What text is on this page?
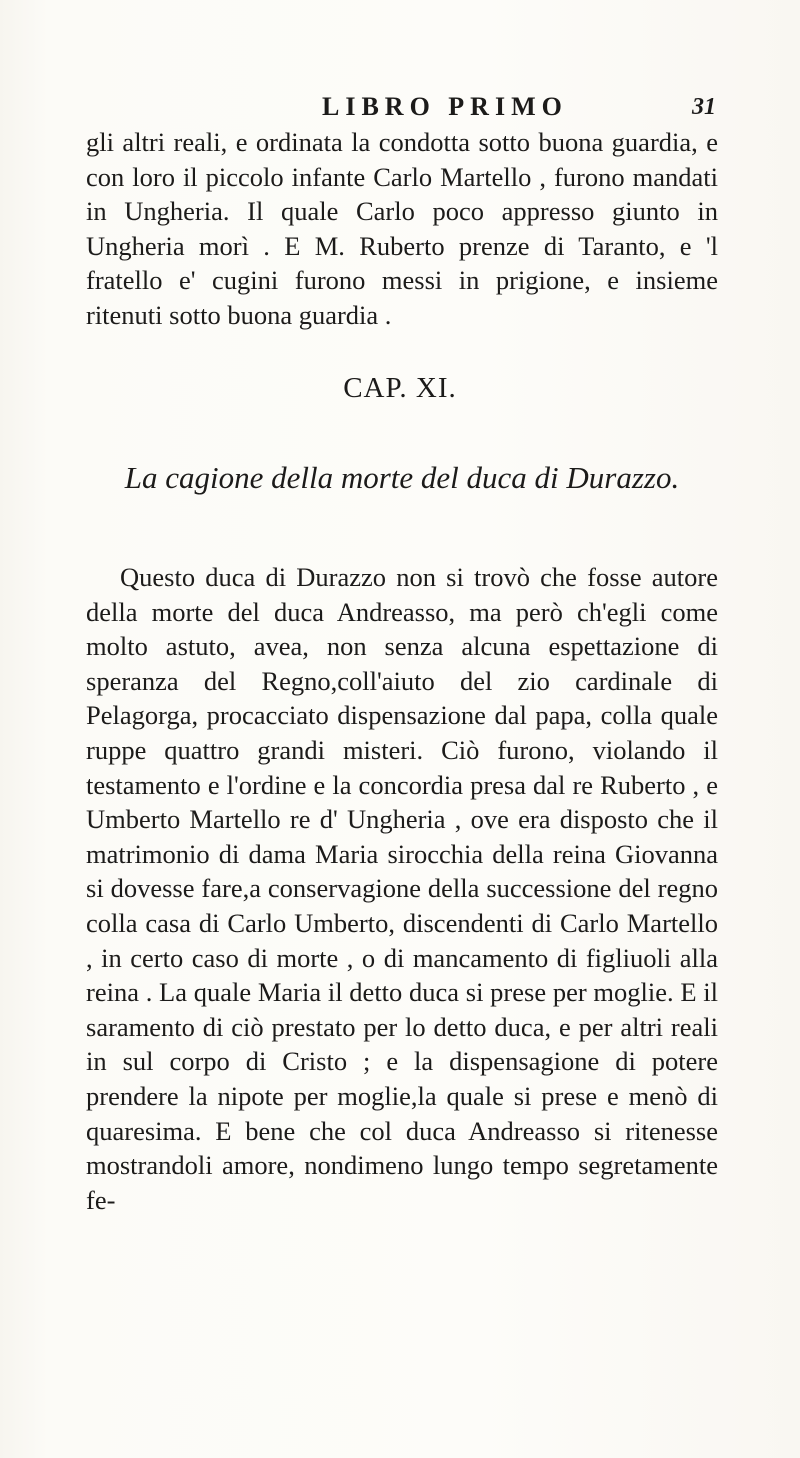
LIBRO PRIMO	31

gli altri reali, e ordinata la condotta sotto buona guardia, e con loro il piccolo infante Carlo Martello , furono mandati in Ungheria. Il quale Carlo poco appresso giunto in Ungheria morì . E M. Ruberto prenze di Taranto, e 'l fratello e' cugini furono messi in prigione, e insieme ritenuti sotto buona guardia .

CAP. XI.
La cagione della morte del duca di Durazzo.

Questo duca di Durazzo non si trovò che fosse autore della morte del duca Andreasso, ma però ch'egli come molto astuto, avea, non senza alcuna espettazione di speranza del Regno,coll'aiuto del zio cardinale di Pelagorga, procacciato dispensazione dal papa, colla quale ruppe quattro grandi misteri. Ciò furono, violando il testamento e l'ordine e la concordia presa dal re Ruberto , e Umberto Martello re d' Ungheria , ove era disposto che il matrimonio di dama Maria sirocchia della reina Giovanna si dovesse fare,a conservagione della successione del regno colla casa di Carlo Umberto, discendenti di Carlo Martello , in certo caso di morte , o di mancamento di figliuoli alla reina . La quale Maria il detto duca si prese per moglie. E il saramento di ciò prestato per lo detto duca, e per altri reali in sul corpo di Cristo ; e la dispensagione di potere prendere la nipote per moglie,la quale si prese e menò di quaresima. E bene che col duca Andreasso si ritenesse mostrandoli amore, nondimeno lungo tempo segretamente fe-
